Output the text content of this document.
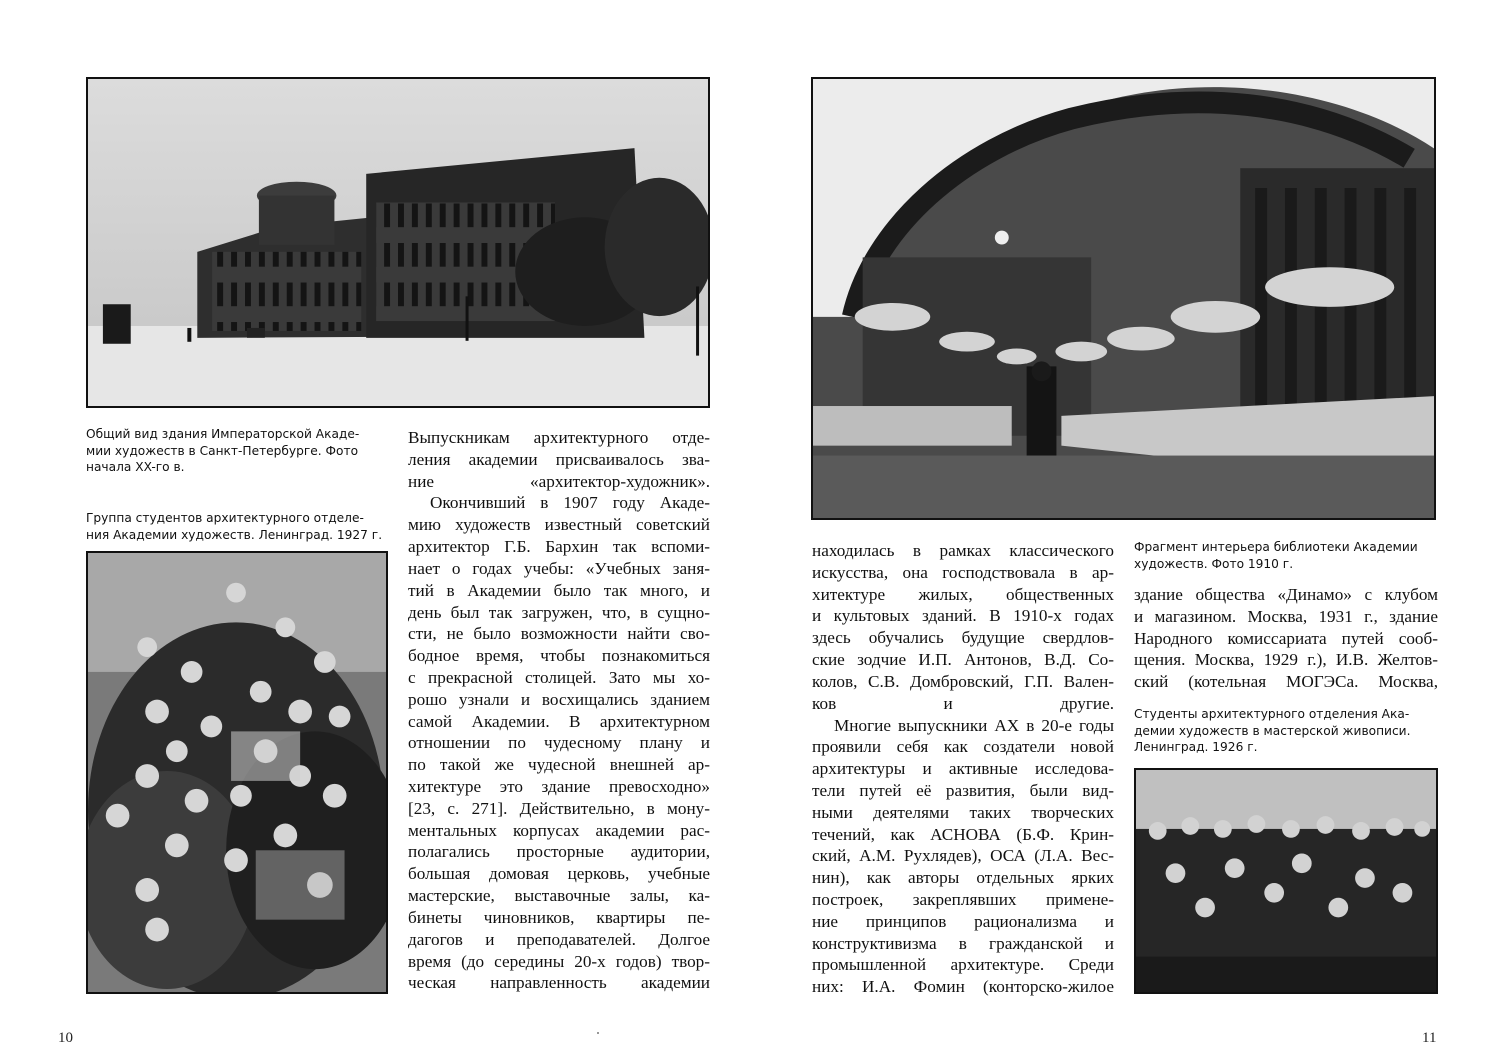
Общий вид здания Императорской Акаде-
мии художеств в Санкт-Петербурге. Фото
начала XX-го в.

Группа студентов архитектурного отделе-
ния Академии художеств. Ленинград. 1927 г.

Выпускникам архитектурного отде-
ления академии присваивалось зва-
ние «архитектор-художник».

Окончивший в 1907 году Акаде-
мию художеств известный советский
архитектор Г.Б. Бархин так вспоми-
нает о годах учебы: «Учебных заня-
тий в Академии было так много, и
день был так загружен, что, в сущно-
сти, не было возможности найти сво-
бодное время, чтобы познакомиться
с прекрасной столицей. Зато мы хо-
рошо узнали и восхищались зданием
самой Академии. В архитектурном
отношении по чудесному плану и
по такой же чудесной внешней ар-
хитектуре это здание превосходно»
[23, с. 271]. Действительно, в мону-
ментальных корпусах академии рас-
полагались просторные аудитории,
большая домовая церковь, учебные
мастерские, выставочные залы, ка-
бинеты чиновников, квартиры пе-
дагогов и преподавателей. Долгое
время (до середины 20-х годов) твор-
ческая направленность академии

10

Фрагмент интерьера библиотеки Академии
художеств. Фото 1910 г.

находилась в рамках классического
искусства, она господствовала в ар-
хитектуре жилых, общественных
и культовых зданий. В 1910-х годах
здесь обучались будущие свердлов-
ские зодчие И.П. Антонов, В.Д. Со-
колов, С.В. Домбровский, Г.П. Вален-
ков и другие.

Многие выпускники АХ в 20-е годы
проявили себя как создатели новой
архитектуры и активные исследова-
тели путей её развития, были вид-
ными деятелями таких творческих
течений, как АСНОВА (Б.Ф. Крин-
ский, А.М. Рухлядев), ОСА (Л.А. Вес-
нин), как авторы отдельных ярких
построек, закреплявших примене-
ние принципов рационализма и
конструктивизма в гражданской и
промышленной архитектуре. Среди
них: И.А. Фомин (конторско-жилое

здание общества «Динамо» с клубом
и магазином. Москва, 1931 г., здание
Народного комиссариата путей сооб-
щения. Москва, 1929 г.), И.В. Желтов-
ский (котельная МОГЭСа. Москва,

Студенты архитектурного отделения Ака-
демии художеств в мастерской живописи.
Ленинград. 1926 г.

11
